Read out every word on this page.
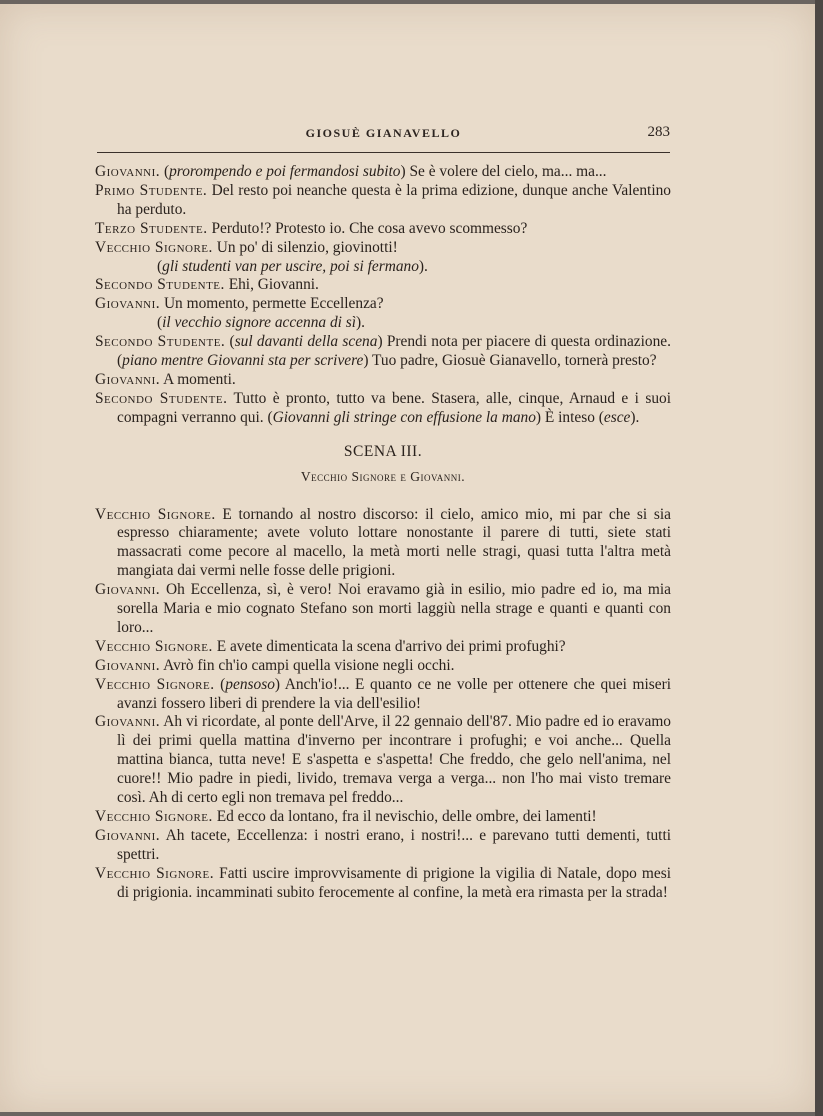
GIOSUÈ GIANAVELLO	283

Giovanni. (prorompendo e poi fermandosi subito) Se è volere del cielo, ma... ma...

Primo Studente. Del resto poi neanche questa è la prima edizione, dunque anche Valentino ha perduto.

Terzo Studente. Perduto!? Protesto io. Che cosa avevo scommesso?

Vecchio Signore. Un po' di silenzio, giovinotti!

(gli studenti van per uscire, poi si fermano).

Secondo Studente. Ehi, Giovanni.

Giovanni. Un momento, permette Eccellenza?

(il vecchio signore accenna di sì).

Secondo Studente. (sul davanti della scena) Prendi nota per piacere di questa ordinazione. (piano mentre Giovanni sta per scrivere) Tuo padre, Giosuè Gianavello, tornerà presto?

Giovanni. A momenti.

Secondo Studente. Tutto è pronto, tutto va bene. Stasera, alle, cinque, Arnaud e i suoi compagni verranno qui. (Giovanni gli stringe con effusione la mano) È inteso (esce).

SCENA III.
Vecchio Signore e Giovanni.

Vecchio Signore. E tornando al nostro discorso: il cielo, amico mio, mi par che si sia espresso chiaramente; avete voluto lottare nonostante il parere di tutti, siete stati massacrati come pecore al macello, la metà morti nelle stragi, quasi tutta l'altra metà mangiata dai vermi nelle fosse delle prigioni.

Giovanni. Oh Eccellenza, sì, è vero! Noi eravamo già in esilio, mio padre ed io, ma mia sorella Maria e mio cognato Stefano son morti laggiù nella strage e quanti e quanti con loro...

Vecchio Signore. E avete dimenticata la scena d'arrivo dei primi profughi?

Giovanni. Avrò fin ch'io campi quella visione negli occhi.

Vecchio Signore. (pensoso) Anch'io!... E quanto ce ne volle per ottenere che quei miseri avanzi fossero liberi di prendere la via dell'esilio!

Giovanni. Ah vi ricordate, al ponte dell'Arve, il 22 gennaio dell'87. Mio padre ed io eravamo lì dei primi quella mattina d'inverno per incontrare i profughi; e voi anche... Quella mattina bianca, tutta neve! E s'aspetta e s'aspetta! Che freddo, che gelo nell'anima, nel cuore!! Mio padre in piedi, livido, tremava verga a verga... non l'ho mai visto tremare così. Ah di certo egli non tremava pel freddo...

Vecchio Signore. Ed ecco da lontano, fra il nevischio, delle ombre, dei lamenti!

Giovanni. Ah tacete, Eccellenza: i nostri erano, i nostri!... e parevano tutti dementi, tutti spettri.

Vecchio Signore. Fatti uscire improvvisamente di prigione la vigilia di Natale, dopo mesi di prigionia. incamminati subito ferocemente al confine, la metà era rimasta per la strada!
